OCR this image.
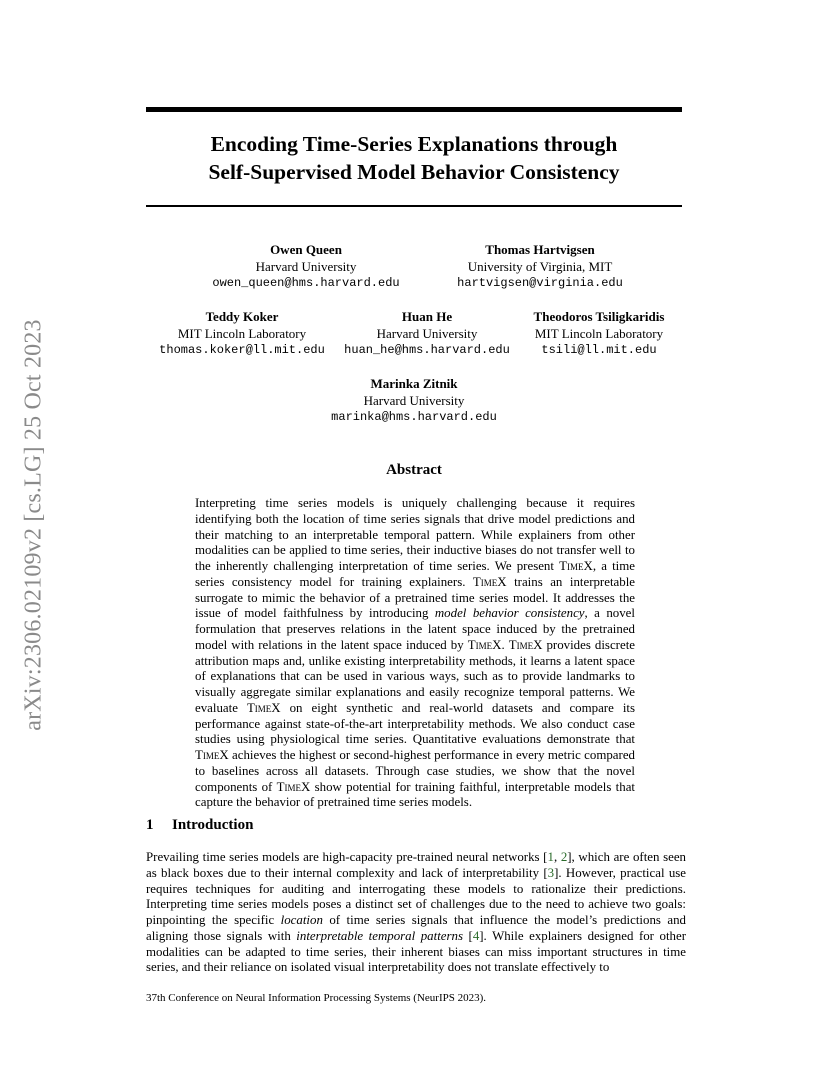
arXiv:2306.02109v2 [cs.LG] 25 Oct 2023
Encoding Time-Series Explanations through
Self-Supervised Model Behavior Consistency
Owen Queen
Harvard University
owen_queen@hms.harvard.edu
Thomas Hartvigsen
University of Virginia, MIT
hartvigsen@virginia.edu
Teddy Koker
MIT Lincoln Laboratory
thomas.koker@ll.mit.edu
Huan He
Harvard University
huan_he@hms.harvard.edu
Theodoros Tsiligkaridis
MIT Lincoln Laboratory
tsili@ll.mit.edu
Marinka Zitnik
Harvard University
marinka@hms.harvard.edu
Abstract

Interpreting time series models is uniquely challenging because it requires identifying both the location of time series signals that drive model predictions and their matching to an interpretable temporal pattern. While explainers from other modalities can be applied to time series, their inductive biases do not transfer well to the inherently challenging interpretation of time series. We present TimeX, a time series consistency model for training explainers. TimeX trains an interpretable surrogate to mimic the behavior of a pretrained time series model. It addresses the issue of model faithfulness by introducing model behavior consistency, a novel formulation that preserves relations in the latent space induced by the pretrained model with relations in the latent space induced by TimeX. TimeX provides discrete attribution maps and, unlike existing interpretability methods, it learns a latent space of explanations that can be used in various ways, such as to provide landmarks to visually aggregate similar explanations and easily recognize temporal patterns. We evaluate TimeX on eight synthetic and real-world datasets and compare its performance against state-of-the-art interpretability methods. We also conduct case studies using physiological time series. Quantitative evaluations demonstrate that TimeX achieves the highest or second-highest performance in every metric compared to baselines across all datasets. Through case studies, we show that the novel components of TimeX show potential for training faithful, interpretable models that capture the behavior of pretrained time series models.

1 Introduction

Prevailing time series models are high-capacity pre-trained neural networks [1, 2], which are often seen as black boxes due to their internal complexity and lack of interpretability [3]. However, practical use requires techniques for auditing and interrogating these models to rationalize their predictions. Interpreting time series models poses a distinct set of challenges due to the need to achieve two goals: pinpointing the specific location of time series signals that influence the model’s predictions and aligning those signals with interpretable temporal patterns [4]. While explainers designed for other modalities can be adapted to time series, their inherent biases can miss important structures in time series, and their reliance on isolated visual interpretability does not translate effectively to

37th Conference on Neural Information Processing Systems (NeurIPS 2023).
